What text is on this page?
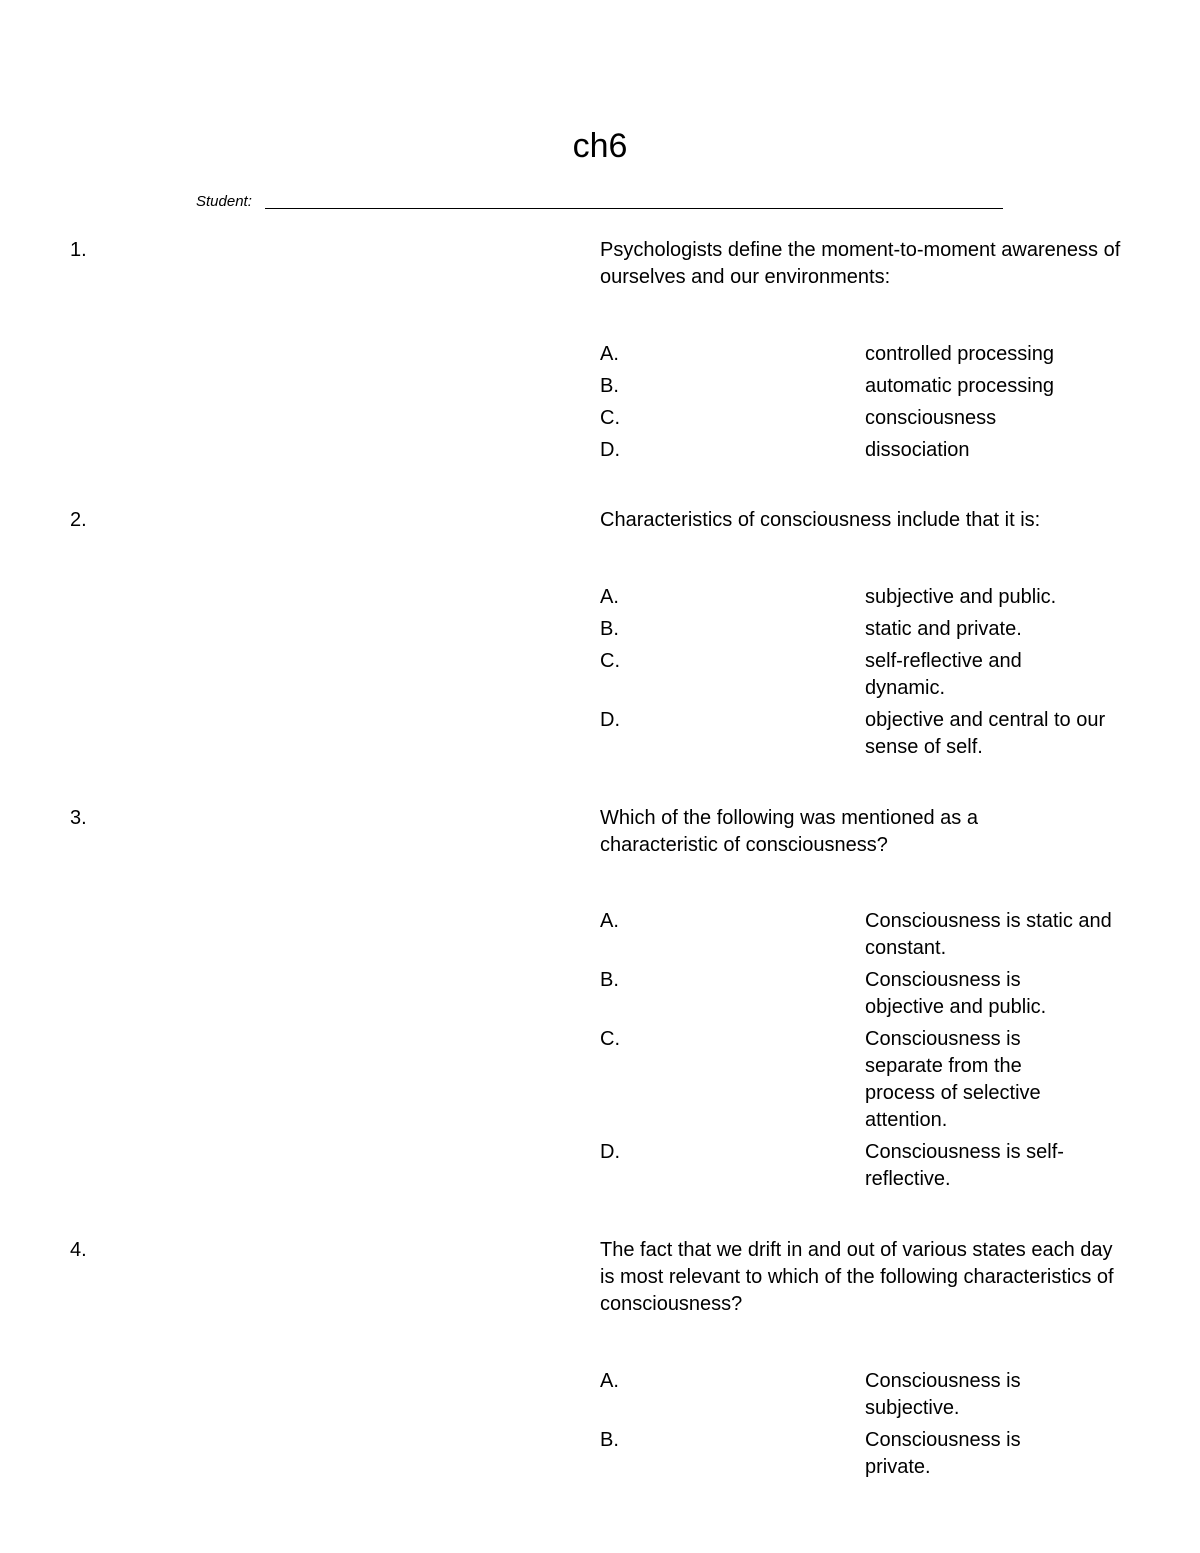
ch6
Student:
1.	Psychologists define the moment-to-moment awareness of ourselves and our environments:
A.	controlled processing
B.	automatic processing
C.	consciousness
D.	dissociation
2.	Characteristics of consciousness include that it is:
A.	subjective and public.
B.	static and private.
C.	self-reflective and dynamic.
D.	objective and central to our sense of self.
3.	Which of the following was mentioned as a characteristic of consciousness?
A.	Consciousness is static and constant.
B.	Consciousness is objective and public.
C.	Consciousness is separate from the process of selective attention.
D.	Consciousness is self-reflective.
4.	The fact that we drift in and out of various states each day is most relevant to which of the following characteristics of consciousness?
A.	Consciousness is subjective.
B.	Consciousness is private.
